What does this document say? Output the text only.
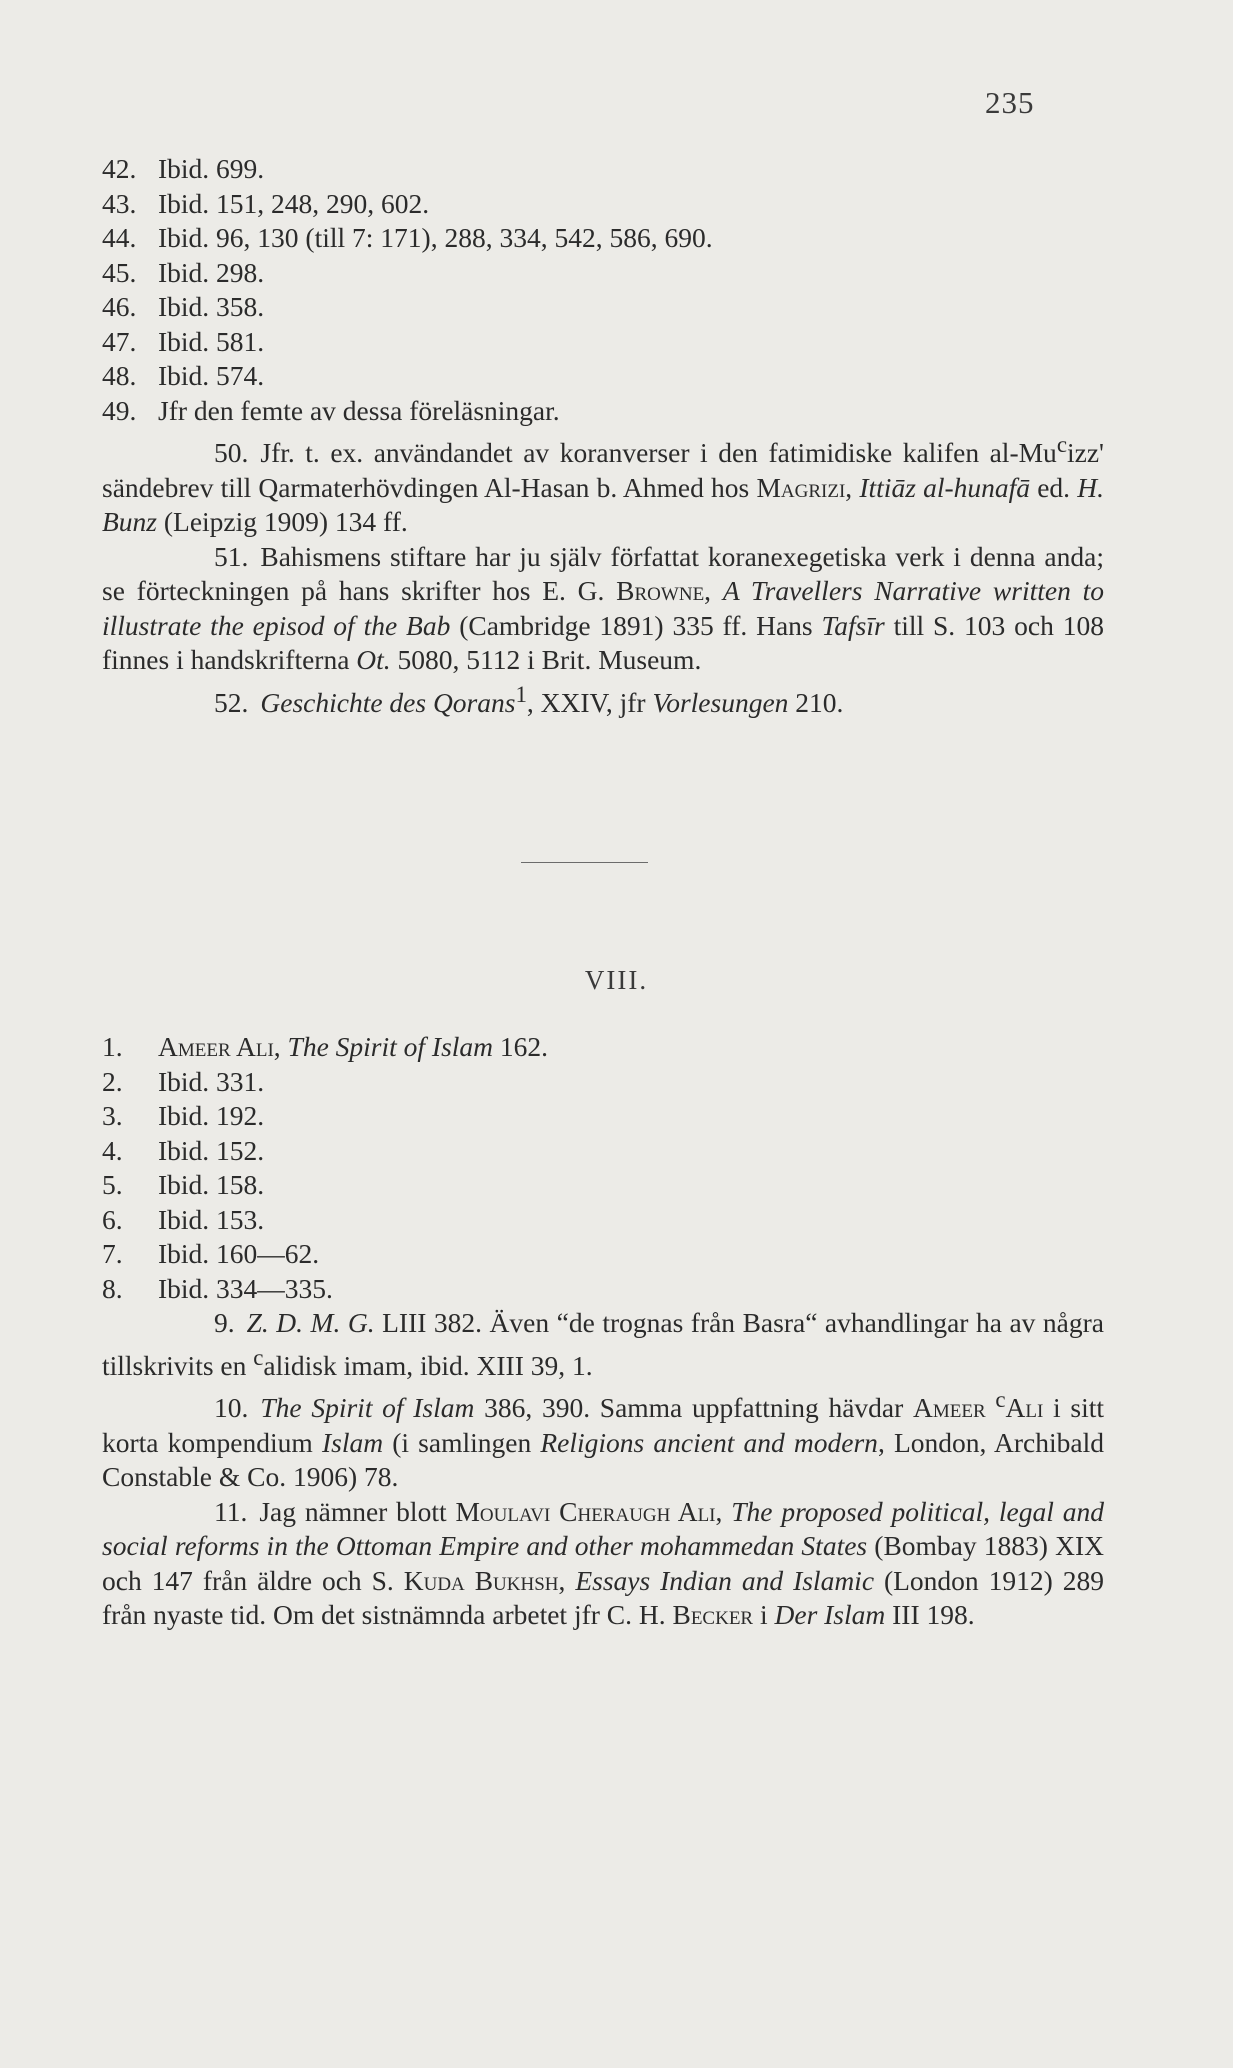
235
42. Ibid. 699.
43. Ibid. 151, 248, 290, 602.
44. Ibid. 96, 130 (till 7: 171), 288, 334, 542, 586, 690.
45. Ibid. 298.
46. Ibid. 358.
47. Ibid. 581.
48. Ibid. 574.
49. Jfr den femte av dessa föreläsningar.
50. Jfr. t. ex. användandet av koranverser i den fatimidiske kalifen al-Mu$^c$izz' sändebrev till Qarmaterhövdingen Al-Hasan b. Ahmed hos Magrizi, Ittiāz al-hunafā ed. H. Bunz (Leipzig 1909) 134 ff.
51. Bahismens stiftare har ju själv författat koranexegetiska verk i denna anda; se förteckningen på hans skrifter hos E. G. Browne, A Travellers Narrative written to illustrate the episod of the Bab (Cambridge 1891) 335 ff. Hans Tafsīr till S. 103 och 108 finnes i handskrifterna Ot. 5080, 5112 i Brit. Museum.
52. Geschichte des Qorans$^1$, XXIV, jfr Vorlesungen 210.
VIII.
1. Ameer Ali, The Spirit of Islam 162.
2. Ibid. 331.
3. Ibid. 192.
4. Ibid. 152.
5. Ibid. 158.
6. Ibid. 153.
7. Ibid. 160—62.
8. Ibid. 334—335.
9. Z. D. M. G. LIII 382. Även “de trognas från Basra“ avhandlingar ha av några tillskrivits en $^c$alidisk imam, ibid. XIII 39, 1.
10. The Spirit of Islam 386, 390. Samma uppfattning hävdar Ameer $^c$Ali i sitt korta kompendium Islam (i samlingen Religions ancient and modern, London, Archibald Constable & Co. 1906) 78.
11. Jag nämner blott Moulavi Cheraugh Ali, The proposed political, legal and social reforms in the Ottoman Empire and other mohammedan States (Bombay 1883) XIX och 147 från äldre och S. Kuda Bukhsh, Essays Indian and Islamic (London 1912) 289 från nyaste tid. Om det sistnämnda arbetet jfr C. H. Becker i Der Islam III 198.
